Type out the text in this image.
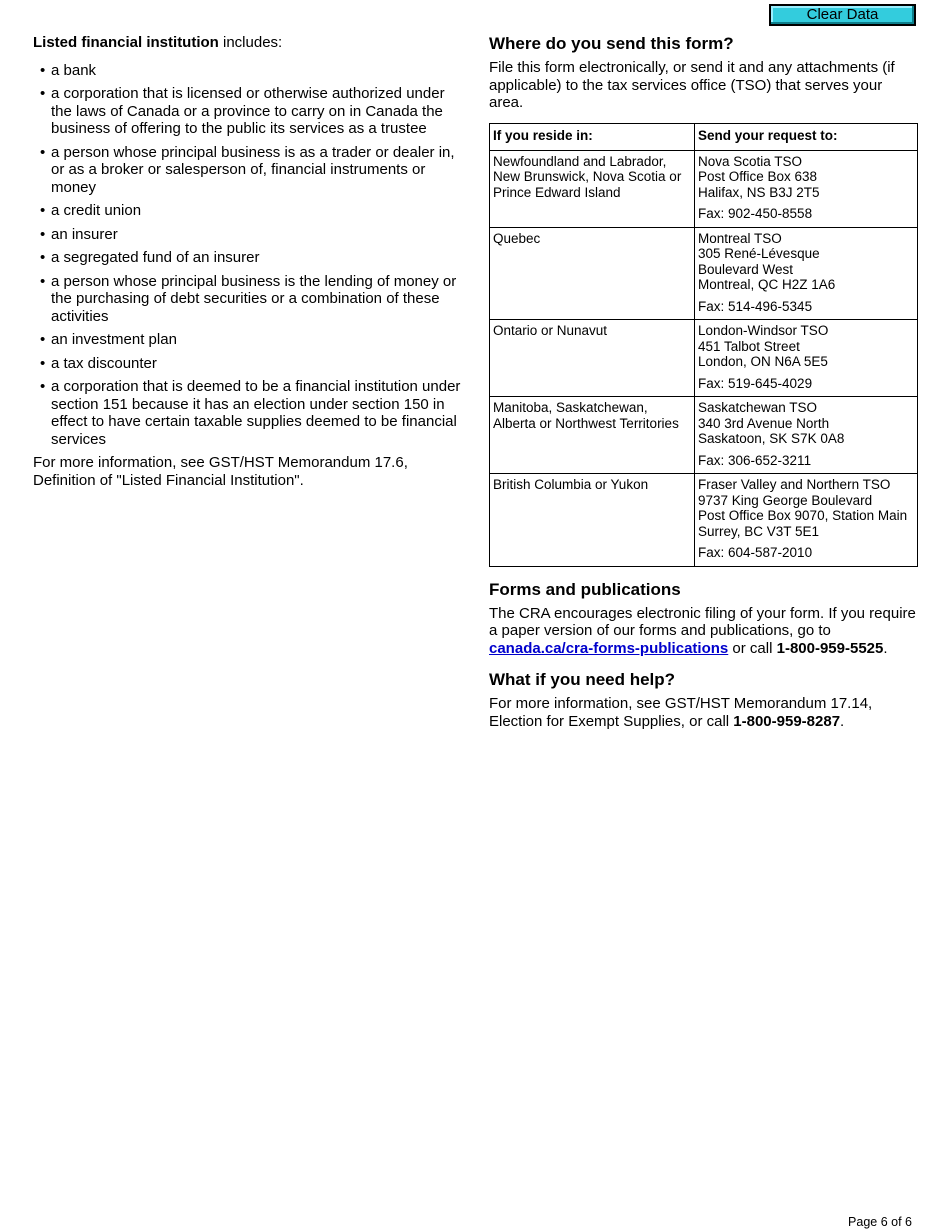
Clear Data

Listed financial institution includes:

• a bank
• a corporation that is licensed or otherwise authorized under the laws of Canada or a province to carry on in Canada the business of offering to the public its services as a trustee
• a person whose principal business is as a trader or dealer in, or as a broker or salesperson of, financial instruments or money
• a credit union
• an insurer
• a segregated fund of an insurer
• a person whose principal business is the lending of money or the purchasing of debt securities or a combination of these activities
• an investment plan
• a tax discounter
• a corporation that is deemed to be a financial institution under section 151 because it has an election under section 150 in effect to have certain taxable supplies deemed to be financial services

For more information, see GST/HST Memorandum 17.6, Definition of "Listed Financial Institution".

Where do you send this form?

File this form electronically, or send it and any attachments (if applicable) to the tax services office (TSO) that serves your area.

If you reside in:	Send your request to:
Newfoundland and Labrador, New Brunswick, Nova Scotia or Prince Edward Island	Nova Scotia TSO
Post Office Box 638
Halifax, NS B3J 2T5
Fax: 902-450-8558

Quebec	Montreal TSO
305 René-Lévesque
Boulevard West
Montreal, QC H2Z 1A6
Fax: 514-496-5345

Ontario or Nunavut	London-Windsor TSO
451 Talbot Street
London, ON N6A 5E5
Fax: 519-645-4029

Manitoba, Saskatchewan, Alberta or Northwest Territories	Saskatchewan TSO
340 3rd Avenue North
Saskatoon, SK S7K 0A8
Fax: 306-652-3211

British Columbia or Yukon	Fraser Valley and Northern TSO
9737 King George Boulevard
Post Office Box 9070, Station Main
Surrey, BC V3T 5E1
Fax: 604-587-2010
Forms and publications

The CRA encourages electronic filing of your form. If you require a paper version of our forms and publications, go to canada.ca/cra-forms-publications or call 1-800-959-5525.

What if you need help?

For more information, see GST/HST Memorandum 17.14, Election for Exempt Supplies, or call 1-800-959-8287.

Page 6 of 6
